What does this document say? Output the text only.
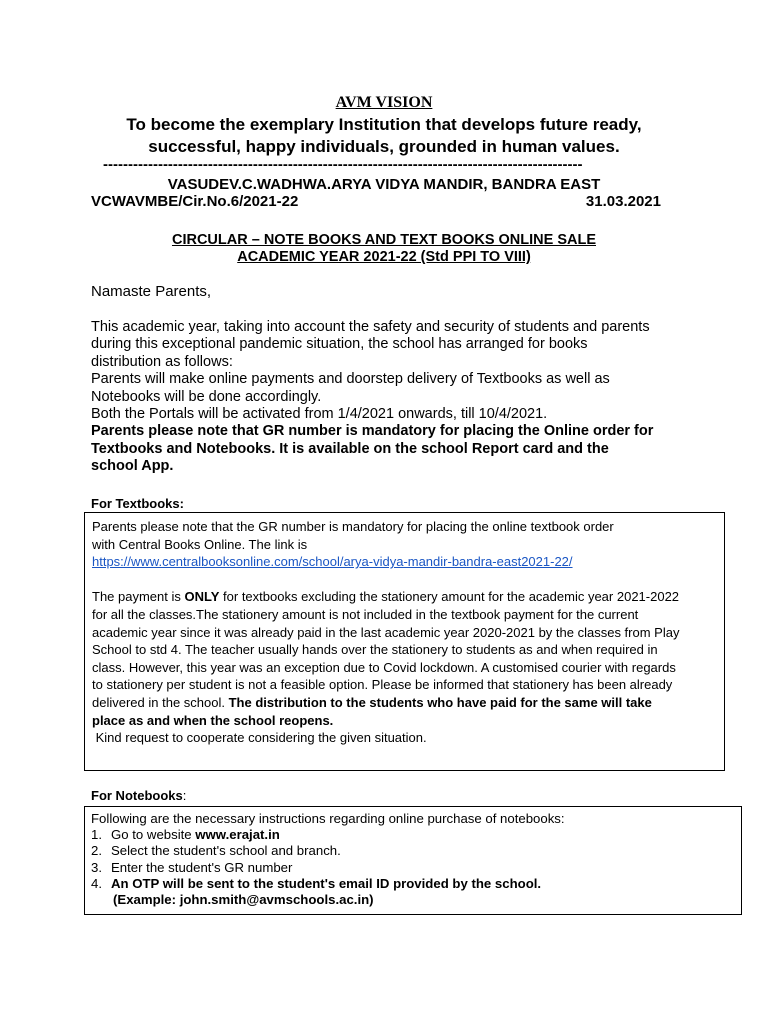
AVM VISION
To become the exemplary Institution that develops future ready,
successful, happy individuals, grounded in human values.
------------------------------------------------------------------------------------------------
VASUDEV.C.WADHWA.ARYA VIDYA MANDIR, BANDRA EAST
VCWAVMBE/Cir.No.6/2021-22	31.03.2021
CIRCULAR – NOTE BOOKS AND TEXT BOOKS ONLINE SALE
ACADEMIC YEAR 2021-22 (Std PPI TO VIII)
Namaste Parents,

This academic year, taking into account the safety and security of students and parents

during this exceptional pandemic situation, the school has arranged for books

distribution as follows:

Parents will make online payments and doorstep delivery of Textbooks as well as

Notebooks will be done accordingly.

Both the Portals will be activated from 1/4/2021 onwards, till 10/4/2021.

Parents please note that GR number is mandatory for placing the Online order for

Textbooks and Notebooks. It is available on the school Report card and the

school App.

For Textbooks:

Parents please note that the GR number is mandatory for placing the online textbook order

with Central Books Online. The link is

https://www.centralbooksonline.com/school/arya-vidya-mandir-bandra-east2021-22/

The payment is ONLY for textbooks excluding the stationery amount for the academic year 2021-2022

for all the classes.The stationery amount is not included in the textbook payment for the current

academic year since it was already paid in the last academic year 2020-2021 by the classes from Play

School to std 4. The teacher usually hands over the stationery to students as and when required in

class. However, this year was an exception due to Covid lockdown. A customised courier with regards

to stationery per student is not a feasible option. Please be informed that stationery has been already

delivered in the school. The distribution to the students who have paid for the same will take

place as and when the school reopens.

Kind request to cooperate considering the given situation.

For Notebooks:

Following are the necessary instructions regarding online purchase of notebooks:

1. Go to website www.erajat.in
2. Select the student's school and branch.
3. Enter the student's GR number
4. An OTP will be sent to the student's email ID provided by the school.

(Example: john.smith@avmschools.ac.in)
